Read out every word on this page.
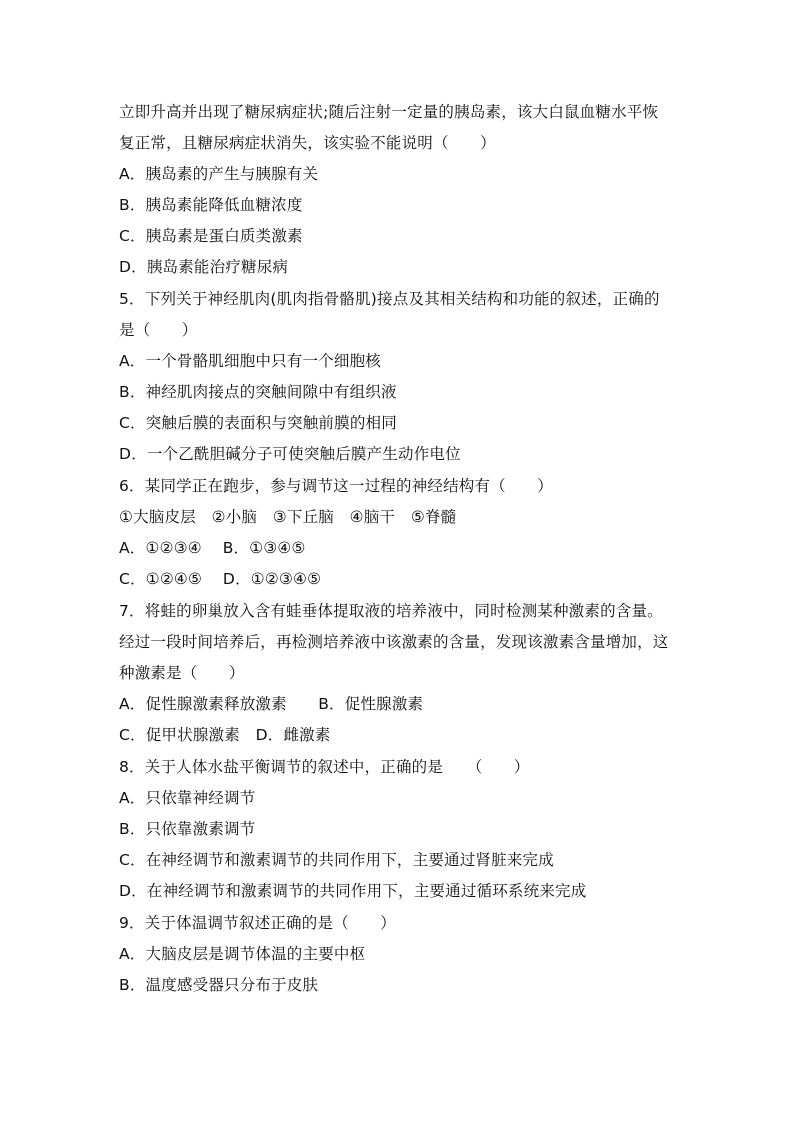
立即升高并出现了糖尿病症状;随后注射一定量的胰岛素，该大白鼠血糖水平恢
复正常，且糖尿病症状消失，该实验不能说明（　　）
A．胰岛素的产生与胰腺有关
B．胰岛素能降低血糖浓度
C．胰岛素是蛋白质类激素
D．胰岛素能治疗糖尿病
5．下列关于神经肌肉(肌肉指骨骼肌)接点及其相关结构和功能的叙述，正确的
是（　　）
A．一个骨骼肌细胞中只有一个细胞核
B．神经肌肉接点的突触间隙中有组织液
C．突触后膜的表面积与突触前膜的相同
D．一个乙酰胆碱分子可使突触后膜产生动作电位
6．某同学正在跑步，参与调节这一过程的神经结构有（　　）
①大脑皮层　②小脑　③下丘脑　④脑干　⑤脊髓
A．①②③④　 B．①③④⑤
C．①②④⑤　 D．①②③④⑤
7．将蛙的卵巢放入含有蛙垂体提取液的培养液中，同时检测某种激素的含量。
经过一段时间培养后，再检测培养液中该激素的含量，发现该激素含量增加，这
种激素是（　　）
A．促性腺激素释放激素　　B．促性腺激素
C．促甲状腺激素　D．雌激素
8．关于人体水盐平衡调节的叙述中，正确的是　　（　　）
A．只依靠神经调节
B．只依靠激素调节
C．在神经调节和激素调节的共同作用下，主要通过肾脏来完成
D．在神经调节和激素调节的共同作用下，主要通过循环系统来完成
9．关于体温调节叙述正确的是（　　）
A．大脑皮层是调节体温的主要中枢
B．温度感受器只分布于皮肤
